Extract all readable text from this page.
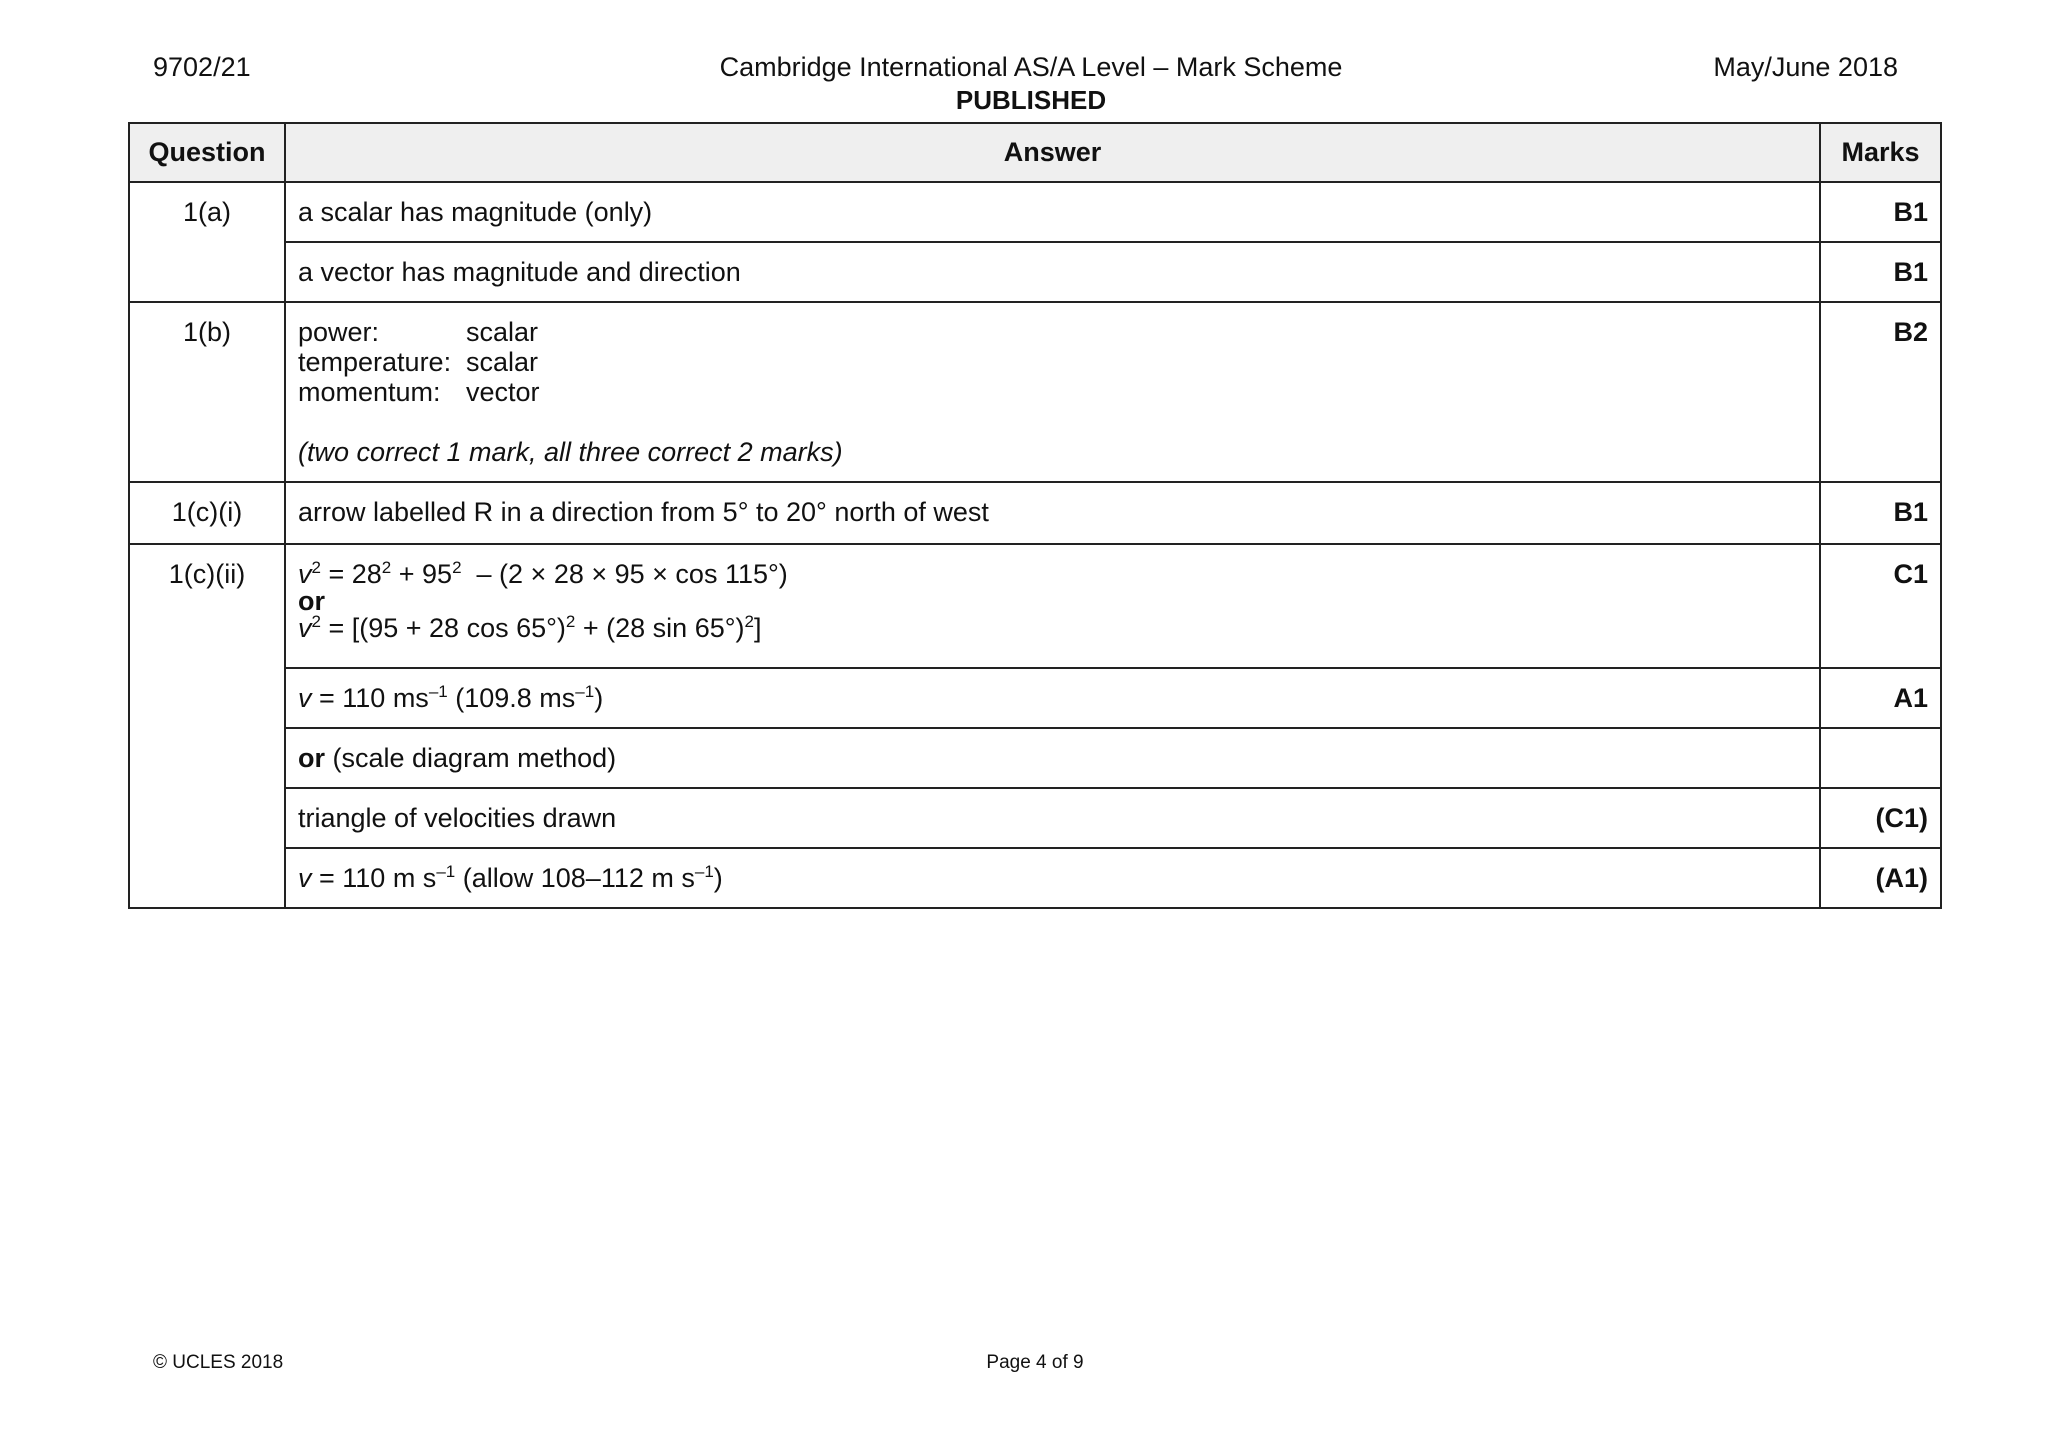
9702/21	Cambridge International AS/A Level – Mark Scheme
PUBLISHED
May/June 2018
Question	Answer	Marks
1(a)	a scalar has magnitude (only)	B1
	a vector has magnitude and direction	B1
1(b)	power: scalar
temperature: scalar
momentum: vector
(two correct 1 mark, all three correct 2 marks)	B2
1(c)(i)	arrow labelled R in a direction from 5° to 20° north of west	B1
1(c)(ii)	$v^2 = 28^2 + 95^2 - (2 \times 28 \times 95 \times \cos 115^\circ)$
or
$v^2 = [(95 + 28$ cos 65°)$^2$ + (28 sin 65°)$^2$]	C1
	v = 110 $ms^{-1}$ (109.8 $ms^{-1}$)	A1
	or (scale diagram method)	
	triangle of velocities drawn	(C1)
	v = 110 m $s^{-1}$ (allow 108–112 m $s^{-1}$)	(A1)
© UCLES 2018	Page 4 of 9
